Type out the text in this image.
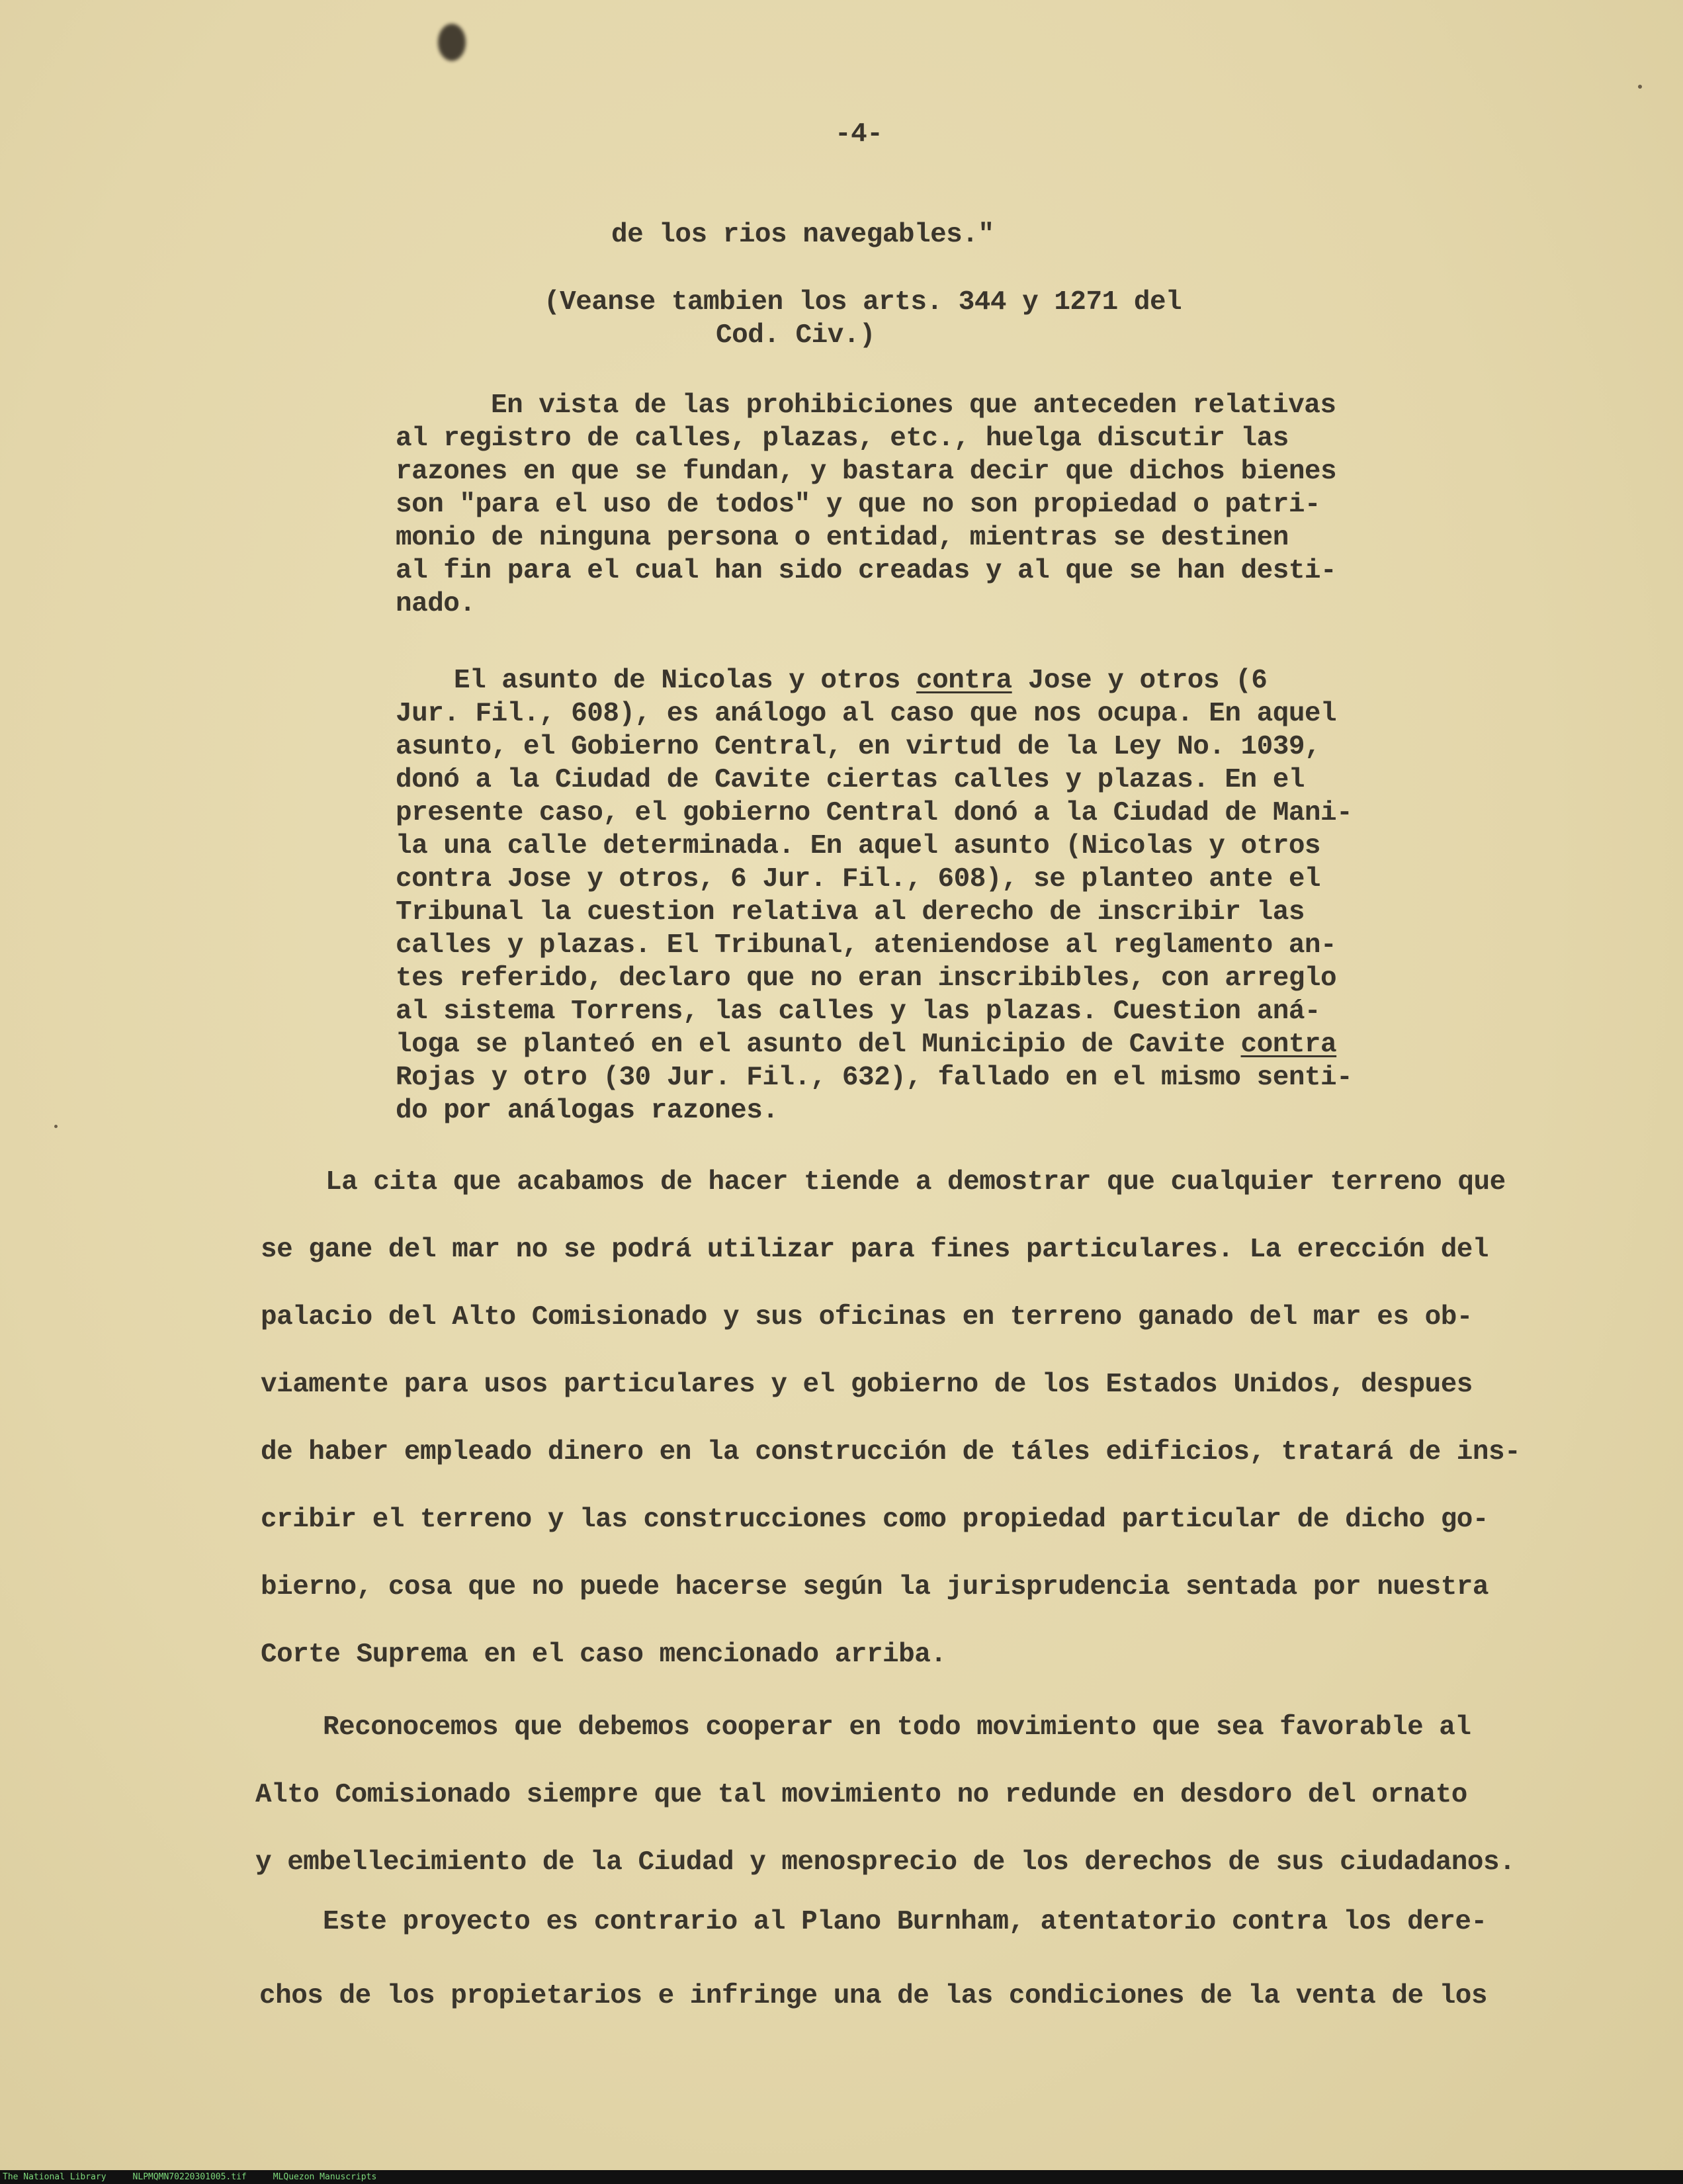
-4-
de los rios navegables."
(Veanse tambien los arts. 344 y 1271 del
Cod. Civ.)
En vista de las prohibiciones que anteceden relativas
al registro de calles, plazas, etc., huelga discutir las
razones en que se fundan, y bastara decir que dichos bienes
son "para el uso de todos" y que no son propiedad o patri-
monio de ninguna persona o entidad, mientras se destinen
al fin para el cual han sido creadas y al que se han desti-
nado.
El asunto de Nicolas y otros contra Jose y otros (6
Jur. Fil., 608), es análogo al caso que nos ocupa. En aquel
asunto, el Gobierno Central, en virtud de la Ley No. 1039,
donó a la Ciudad de Cavite ciertas calles y plazas. En el
presente caso, el gobierno Central donó a la Ciudad de Mani-
la una calle determinada. En aquel asunto (Nicolas y otros
contra Jose y otros, 6 Jur. Fil., 608), se planteo ante el
Tribunal la cuestion relativa al derecho de inscribir las
calles y plazas. El Tribunal, ateniendose al reglamento an-
tes referido, declaro que no eran inscribibles, con arreglo
al sistema Torrens, las calles y las plazas. Cuestion aná-
loga se planteó en el asunto del Municipio de Cavite contra
Rojas y otro (30 Jur. Fil., 632), fallado en el mismo senti-
do por análogas razones.
La cita que acabamos de hacer tiende a demostrar que cualquier terreno que
se gane del mar no se podrá utilizar para fines particulares. La erección del
palacio del Alto Comisionado y sus oficinas en terreno ganado del mar es ob-
viamente para usos particulares y el gobierno de los Estados Unidos, despues
de haber empleado dinero en la construcción de táles edificios, tratará de ins-
cribir el terreno y las construcciones como propiedad particular de dicho go-
bierno, cosa que no puede hacerse según la jurisprudencia sentada por nuestra
Corte Suprema en el caso mencionado arriba.
Reconocemos que debemos cooperar en todo movimiento que sea favorable al
Alto Comisionado siempre que tal movimiento no redunde en desdoro del ornato
y embellecimiento de la Ciudad y menosprecio de los derechos de sus ciudadanos.
Este proyecto es contrario al Plano Burnham, atentatorio contra los dere-
chos de los propietarios e infringe una de las condiciones de la venta de los
The National Library	NLPMQMN70220301005.tif	MLQuezon Manuscripts
